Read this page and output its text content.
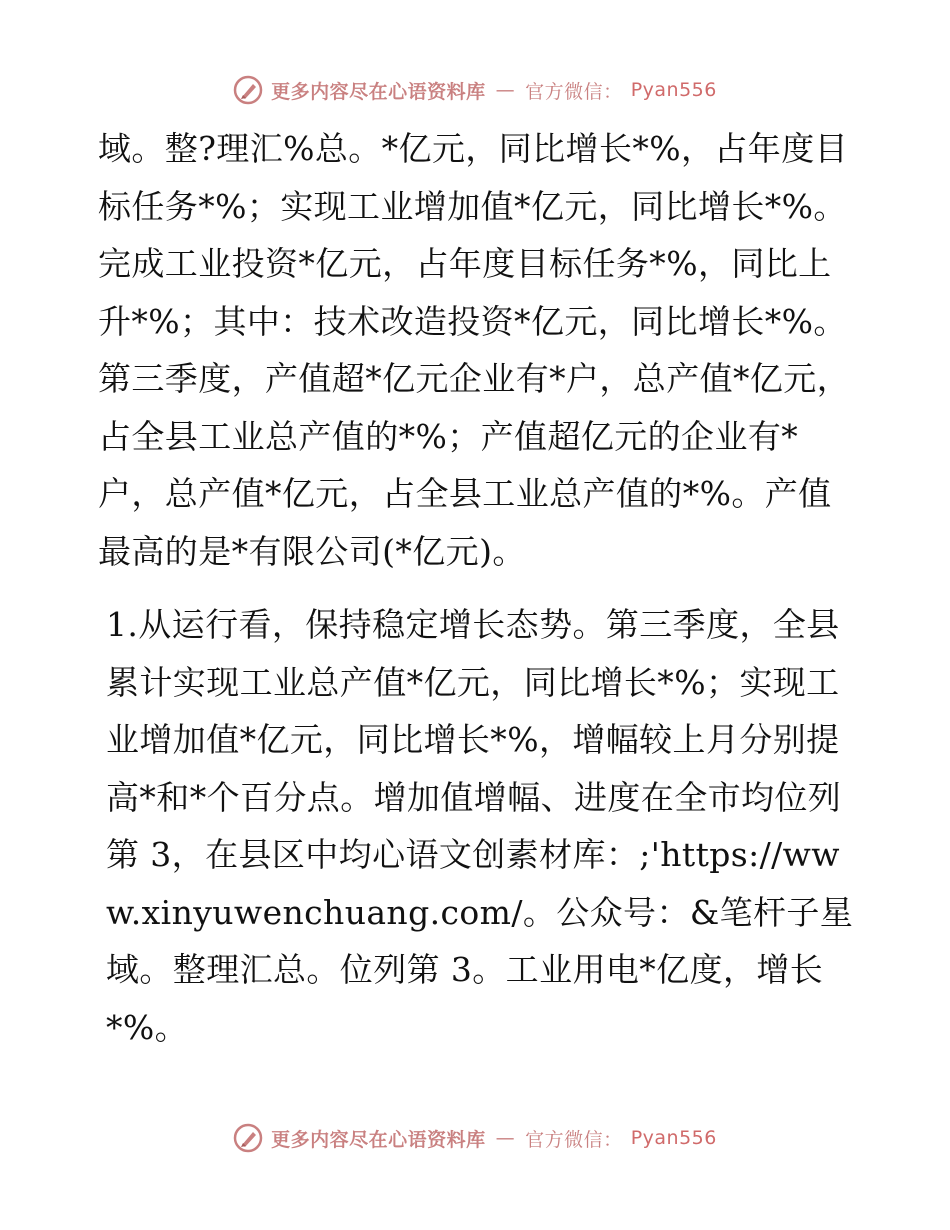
更多内容尽在心语资料库 — 官方微信： Pyan556

域。整?理汇%总。*亿元，同比增长*%，占年度目标任务*%；实现工业增加值*亿元，同比增长*%。完成工业投资*亿元，占年度目标任务*%，同比上升*%；其中：技术改造投资*亿元，同比增长*%。第三季度，产值超*亿元企业有*户，总产值*亿元，占全县工业总产值的*%；产值超亿元的企业有*户，总产值*亿元，占全县工业总产值的*%。产值最高的是*有限公司(*亿元)。

1.从运行看，保持稳定增长态势。第三季度，全县累计实现工业总产值*亿元，同比增长*%；实现工业增加值*亿元，同比增长*%，增幅较上月分别提高*和*个百分点。增加值增幅、进度在全市均位列第 3，在县区中均心语文创素材库：;'https://www.xinyuwenchuang.com/。公众号：&笔杆子星域。整理汇总。位列第 3。工业用电*亿度，增长*%。

更多内容尽在心语资料库 — 官方微信： Pyan556
